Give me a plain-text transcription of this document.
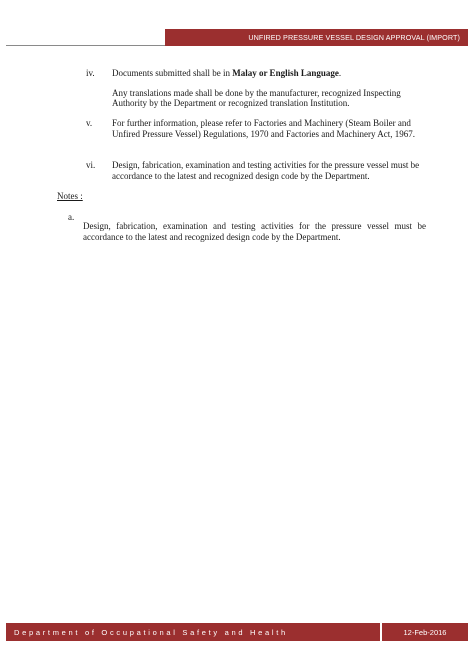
UNFIRED PRESSURE VESSEL DESIGN APPROVAL (IMPORT)
iv. Documents submitted shall be in Malay or English Language.

Any translations made shall be done by the manufacturer, recognized Inspecting Authority by the Department or recognized translation Institution.

v. For further information, please refer to Factories and Machinery (Steam Boiler and Unfired Pressure Vessel) Regulations, 1970 and Factories and Machinery Act, 1967.

vi. Design, fabrication, examination and testing activities for the pressure vessel must be accordance to the latest and recognized design code by the Department.

Notes :
a.

Design, fabrication, examination and testing activities for the pressure vessel must be accordance to the latest and recognized design code by the Department.

Department of Occupational Safety and Health	12-Feb-2016
